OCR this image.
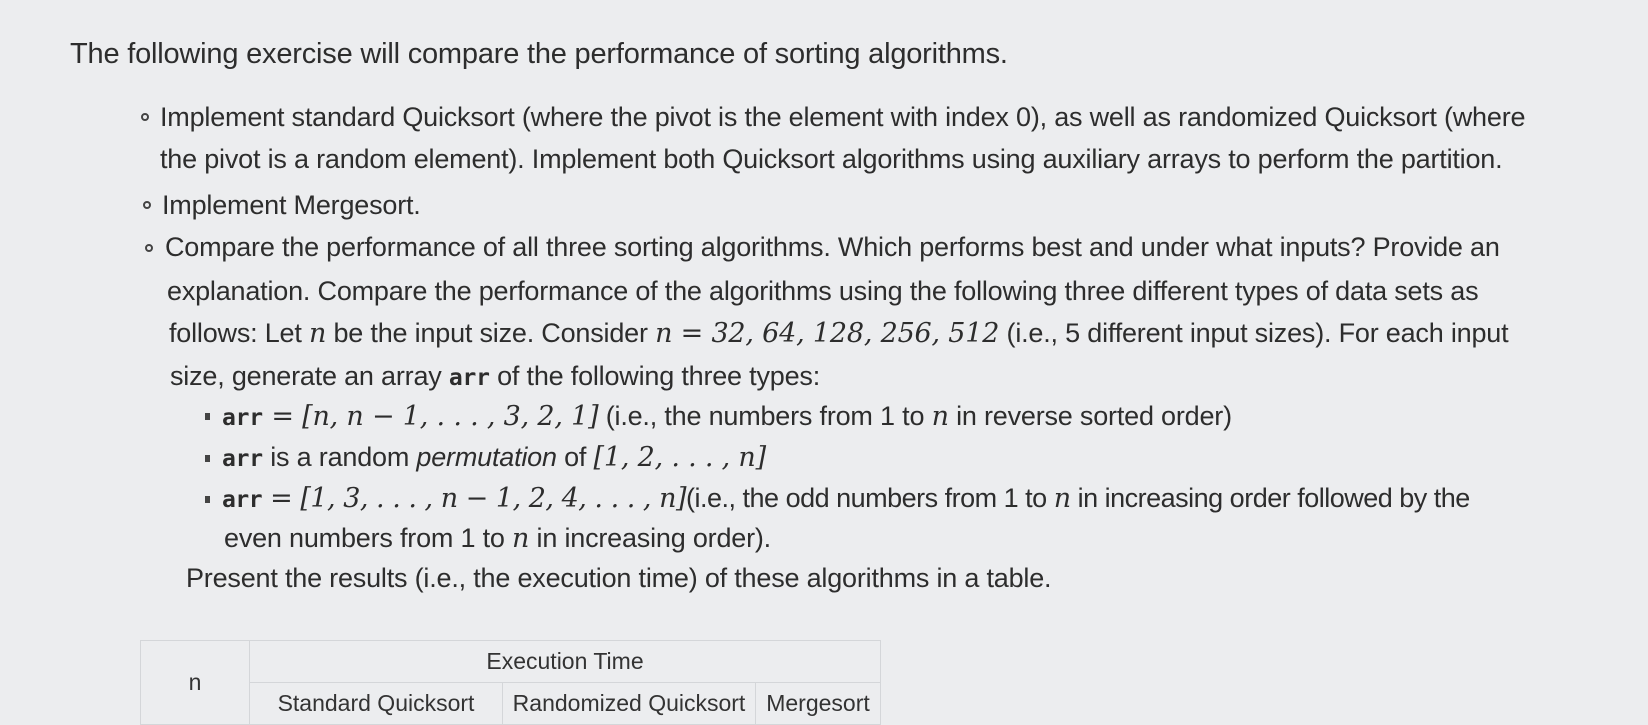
The following exercise will compare the performance of sorting algorithms.
Implement standard Quicksort (where the pivot is the element with index 0), as well as randomized Quicksort (where
the pivot is a random element). Implement both Quicksort algorithms using auxiliary arrays to perform the partition.
Implement Mergesort.
Compare the performance of all three sorting algorithms. Which performs best and under what inputs? Provide an
explanation. Compare the performance of the algorithms using the following three different types of data sets as
follows: Let n be the input size. Consider n = 32, 64, 128, 256, 512 (i.e., 5 different input sizes). For each input
size, generate an array arr of the following three types:
arr = [n, n − 1, . . . , 3, 2, 1] (i.e., the numbers from 1 to n in reverse sorted order)
arr is a random permutation of [1, 2, . . . , n]
arr = [1, 3, . . . , n − 1, 2, 4, . . . , n](i.e., the odd numbers from 1 to n in increasing order followed by the
even numbers from 1 to n in increasing order).
Present the results (i.e., the execution time) of these algorithms in a table.
n	Execution Time		
	Standard Quicksort	Randomized Quicksort	Mergesort
